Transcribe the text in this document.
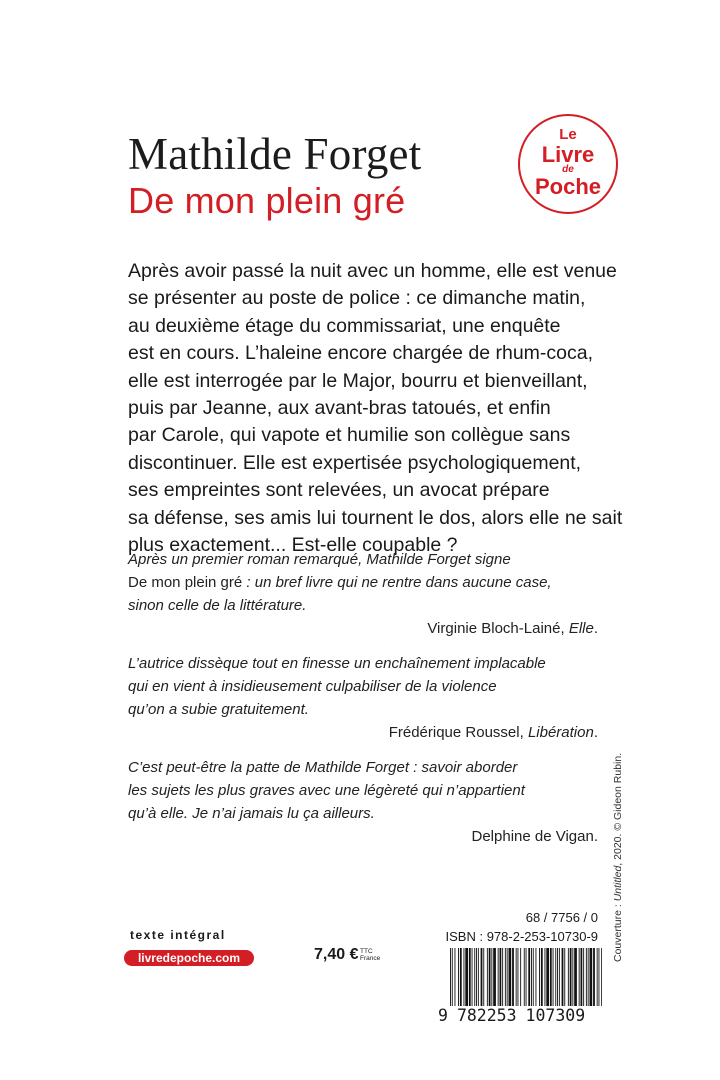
Mathilde Forget
De mon plein gré
Le
Livre
de
Poche
Après avoir passé la nuit avec un homme, elle est venue
se présenter au poste de police : ce dimanche matin,
au deuxième étage du commissariat, une enquête
est en cours. L’haleine encore chargée de rhum-coca,
elle est interrogée par le Major, bourru et bienveillant,
puis par Jeanne, aux avant-bras tatoués, et enfin
par Carole, qui vapote et humilie son collègue sans
discontinuer. Elle est expertisée psychologiquement,
ses empreintes sont relevées, un avocat prépare
sa défense, ses amis lui tournent le dos, alors elle ne sait
plus exactement... Est-elle coupable ?
Après un premier roman remarqué, Mathilde Forget signe
De mon plein gré : un bref livre qui ne rentre dans aucune case,
sinon celle de la littérature.
Virginie Bloch-Lainé, Elle.
L’autrice dissèque tout en finesse un enchaînement implacable
qui en vient à insidieusement culpabiliser de la violence
qu’on a subie gratuitement.
Frédérique Roussel, Libération.
C’est peut-être la patte de Mathilde Forget : savoir aborder
les sujets les plus graves avec une légèreté qui n’appartient
qu’à elle. Je n’ai jamais lu ça ailleurs.
Delphine de Vigan.
Couverture : Untitled, 2020. © Gideon Rubin.
texte intégral
livredepoche.com	7,40 € TTC
France
68 / 7756 / 0
ISBN : 978-2-253-10730-9
9 782253 107309
